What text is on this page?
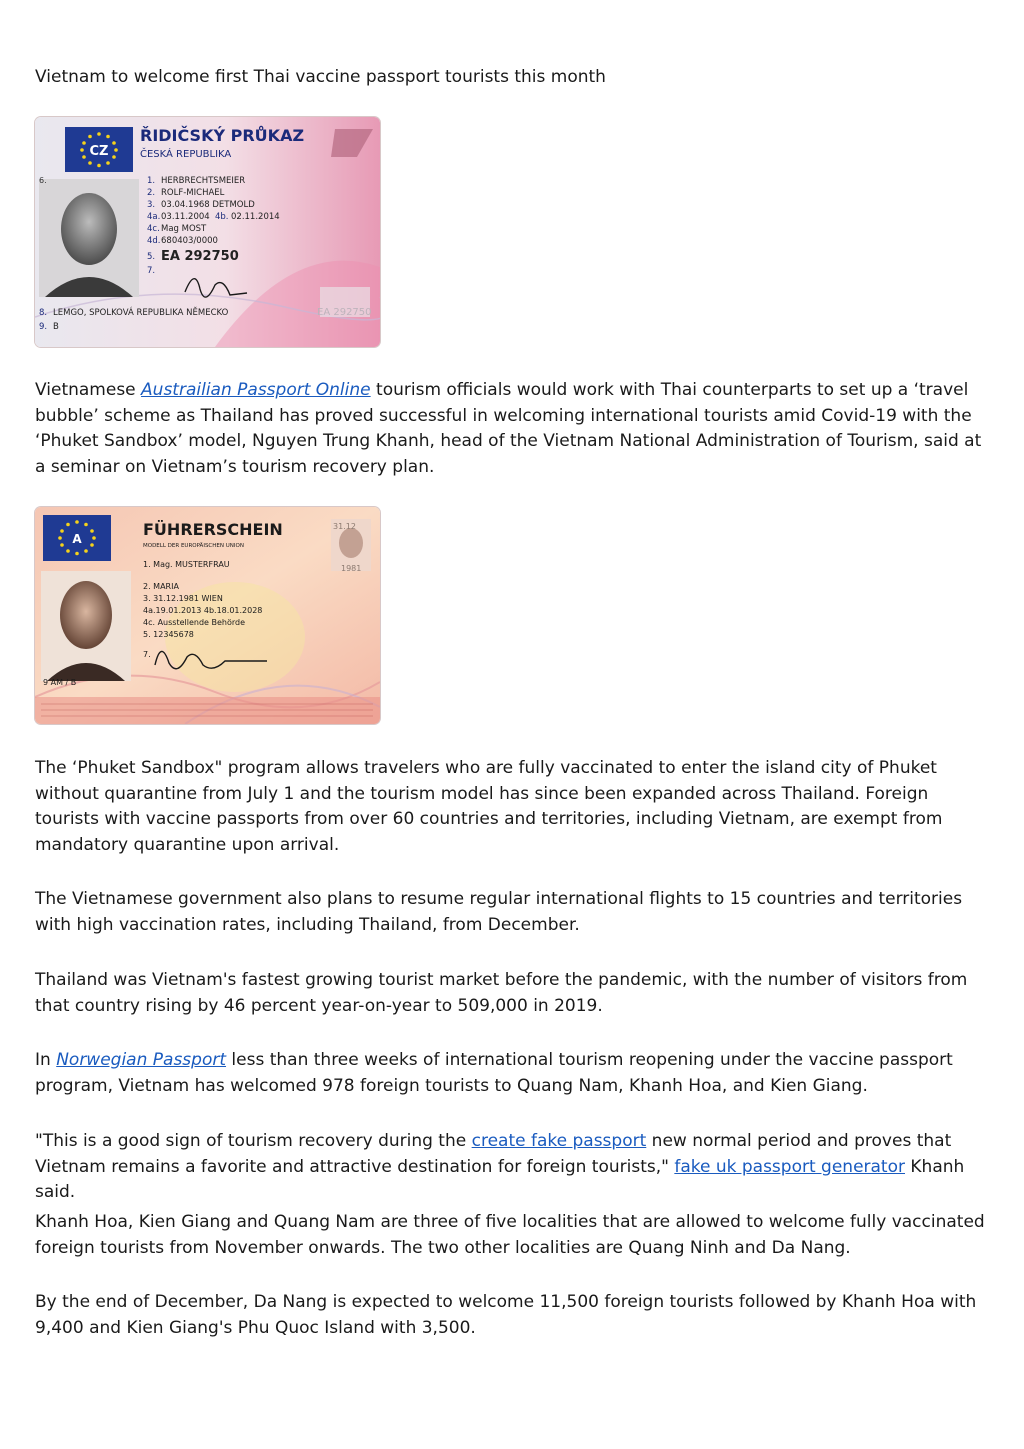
Vietnam to welcome first Thai vaccine passport tourists this month
CZ
ŘIDIČSKÝ PRŮKAZ
ČESKÁ REPUBLIKA
6.	1. HERBRECHTSMEIER
2. ROLF-MICHAEL
3. 03.04.1968 DETMOLD
4a. 03.11.2004 4b. 02.11.2014
4c. Mag MOST
4d. 680403/0000
5. EA 292750
7.
8. LEMGO, SPOLKOVÁ REPUBLIKA NĚMECKO
9. B
EA 292750

Vietnamese Austrailian Passport Online tourism officials would work with Thai counterparts to set up a ‘travel bubble’ scheme as Thailand has proved successful in welcoming international tourists amid Covid-19 with the ‘Phuket Sandbox’ model, Nguyen Trung Khanh, head of the Vietnam National Administration of Tourism, said at a seminar on Vietnam’s tourism recovery plan.

A	FÜHRERSCHEIN
MODELL DER EUROPÄISCHEN UNION
31.12
1981
1. Mag. MUSTERFRAU
2. MARIA
3. 31.12.1981 WIEN
4a.19.01.2013 4b.18.01.2028
4c. Ausstellende Behörde
5. 12345678
7.
9 AM / B

The ‘Phuket Sandbox" program allows travelers who are fully vaccinated to enter the island city of Phuket without quarantine from July 1 and the tourism model has since been expanded across Thailand. Foreign tourists with vaccine passports from over 60 countries and territories, including Vietnam, are exempt from mandatory quarantine upon arrival.

The Vietnamese government also plans to resume regular international flights to 15 countries and territories with high vaccination rates, including Thailand, from December.

Thailand was Vietnam's fastest growing tourist market before the pandemic, with the number of visitors from that country rising by 46 percent year-on-year to 509,000 in 2019.

In Norwegian Passport less than three weeks of international tourism reopening under the vaccine passport program, Vietnam has welcomed 978 foreign tourists to Quang Nam, Khanh Hoa, and Kien Giang.

"This is a good sign of tourism recovery during the create fake passport new normal period and proves that Vietnam remains a favorite and attractive destination for foreign tourists," fake uk passport generator Khanh said.

Khanh Hoa, Kien Giang and Quang Nam are three of five localities that are allowed to welcome fully vaccinated foreign tourists from November onwards. The two other localities are Quang Ninh and Da Nang.

By the end of December, Da Nang is expected to welcome 11,500 foreign tourists followed by Khanh Hoa with 9,400 and Kien Giang's Phu Quoc Island with 3,500.
